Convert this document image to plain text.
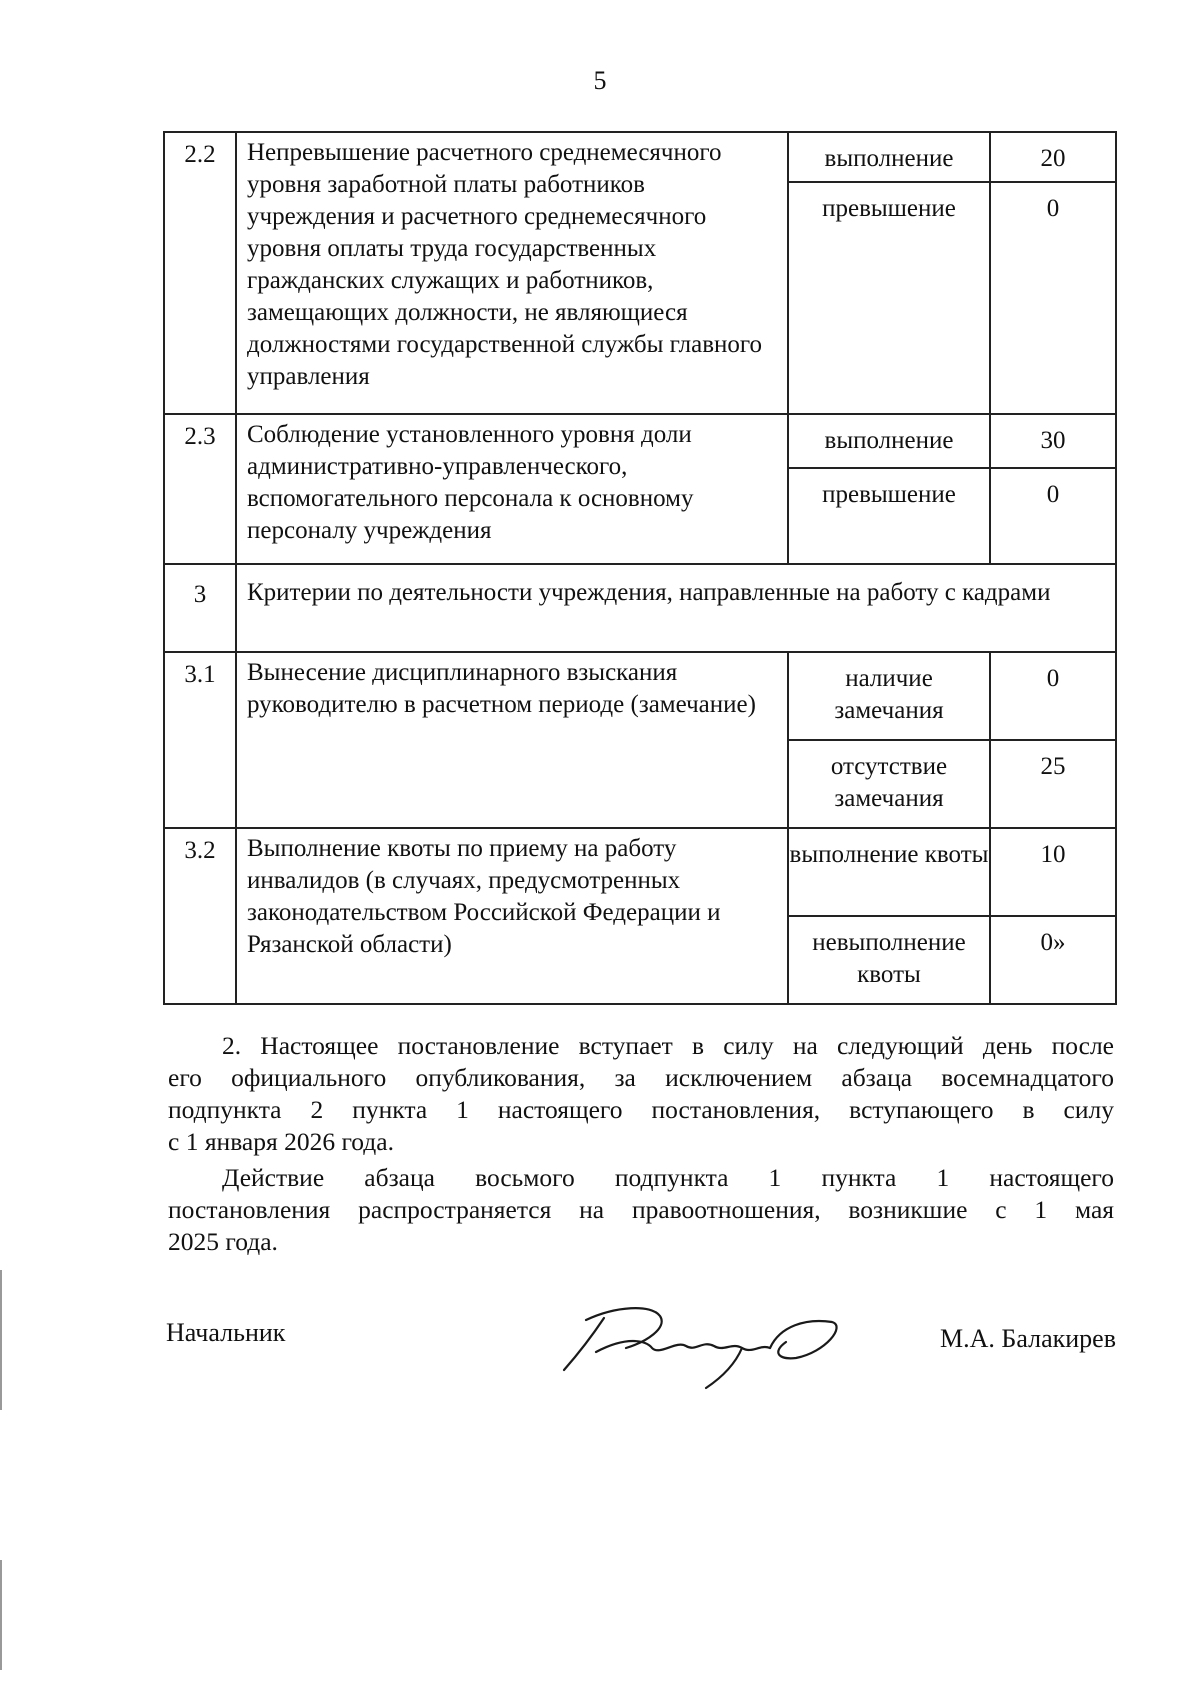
5
2.2	Непревышение расчетного среднемесячного уровня заработной платы работников учреждения и расчетного среднемесячного уровня оплаты труда государственных гражданских служащих и работников, замещающих должности, не являющиеся должностями государственной службы главного управления	выполнение	20
		превышение	0
2.3	Соблюдение установленного уровня доли административно-управленческого, вспомогательного персонала к основному персоналу учреждения	выполнение	30
		превышение	0
3	Критерии по деятельности учреждения, направленные на работу с кадрами		
3.1	Вынесение дисциплинарного взыскания руководителю в расчетном периоде (замечание)	наличие замечания	0
		отсутствие замечания	25
3.2	Выполнение квоты по приему на работу инвалидов (в случаях, предусмотренных законодательством Российской Федерации и Рязанской области)	выполнение квоты	10
		невыполнение квоты	0»
2. Настоящее постановление вступает в силу на следующий день после
его официального опубликования, за исключением абзаца восемнадцатого
подпункта 2 пункта 1 настоящего постановления, вступающего в силу
с 1 января 2026 года.
Действие абзаца восьмого подпункта 1 пункта 1 настоящего
постановления распространяется на правоотношения, возникшие с 1 мая
2025 года.
Начальник	М.А. Балакирев
